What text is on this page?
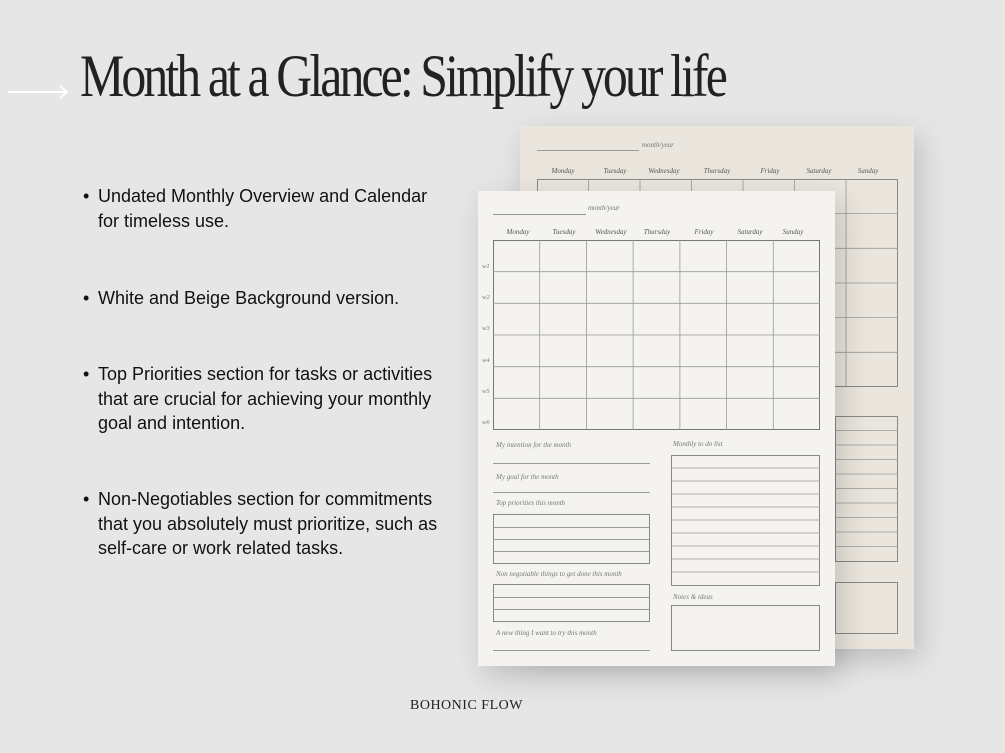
Month at a Glance: Simplify your life
• Undated Monthly Overview and Calendar for timeless use.
• White and Beige Background version.
• Top Priorities section for tasks or activities that are crucial for achieving your monthly goal and intention.
• Non-Negotiables section for commitments that you absolutely must prioritize, such as self-care or work related tasks.
month/year
Monday	Tuesday	Wednesday	Thursday	Friday	Saturday	Sunday
month/year
Monday	Tuesday	Wednesday	Thursday	Friday	Saturday	Sunday
w1
w2
w3
w4
w5
w6
My intention for the month
My goal for the month
Top priorities this month
Non negotiable things to get done this month
A new thing I want to try this month
Monthly to do list
Notes & ideas
BOHONIC FLOW
